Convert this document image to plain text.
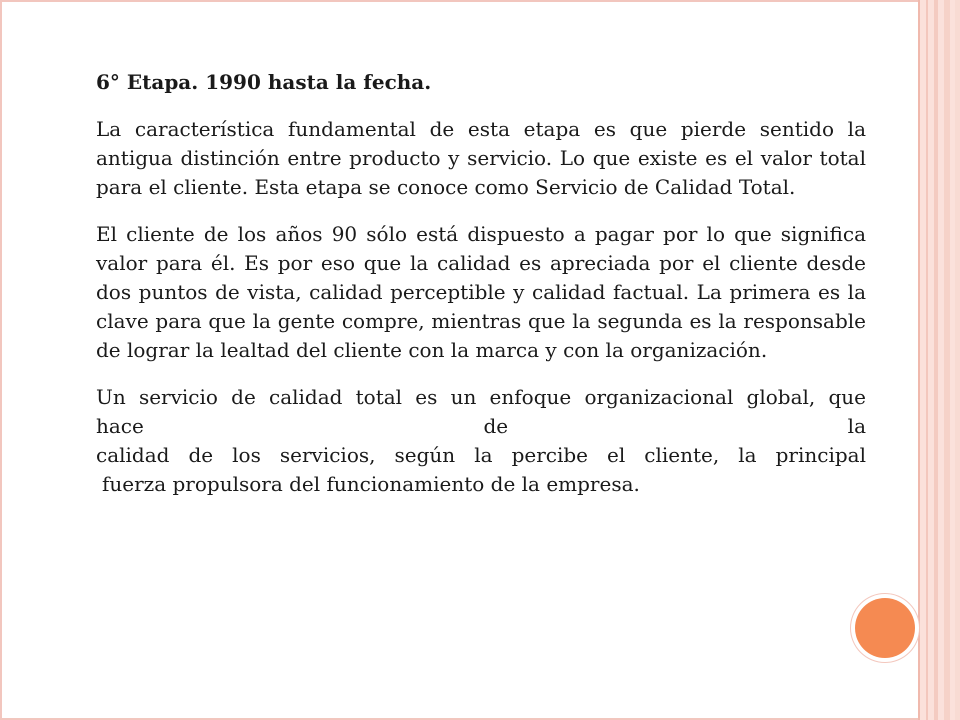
6° Etapa. 1990 hasta la fecha.

La característica fundamental de esta etapa es que pierde sentido la antigua distinción entre producto y servicio. Lo que existe es el valor total para el cliente. Esta etapa se conoce como Servicio de Calidad Total.

El cliente de los años 90 sólo está dispuesto a pagar por lo que significa valor para él. Es por eso que la calidad es apreciada por el cliente desde dos puntos de vista, calidad perceptible y calidad factual. La primera es la clave para que la gente compre, mientras que la segunda es la responsable de lograr la lealtad del cliente con la marca y con la organización.

Un servicio de calidad total es un enfoque organizacional global, que
hace de la
calidad de los servicios, según la percibe el cliente, la principal
fuerza propulsora del funcionamiento de la empresa.
